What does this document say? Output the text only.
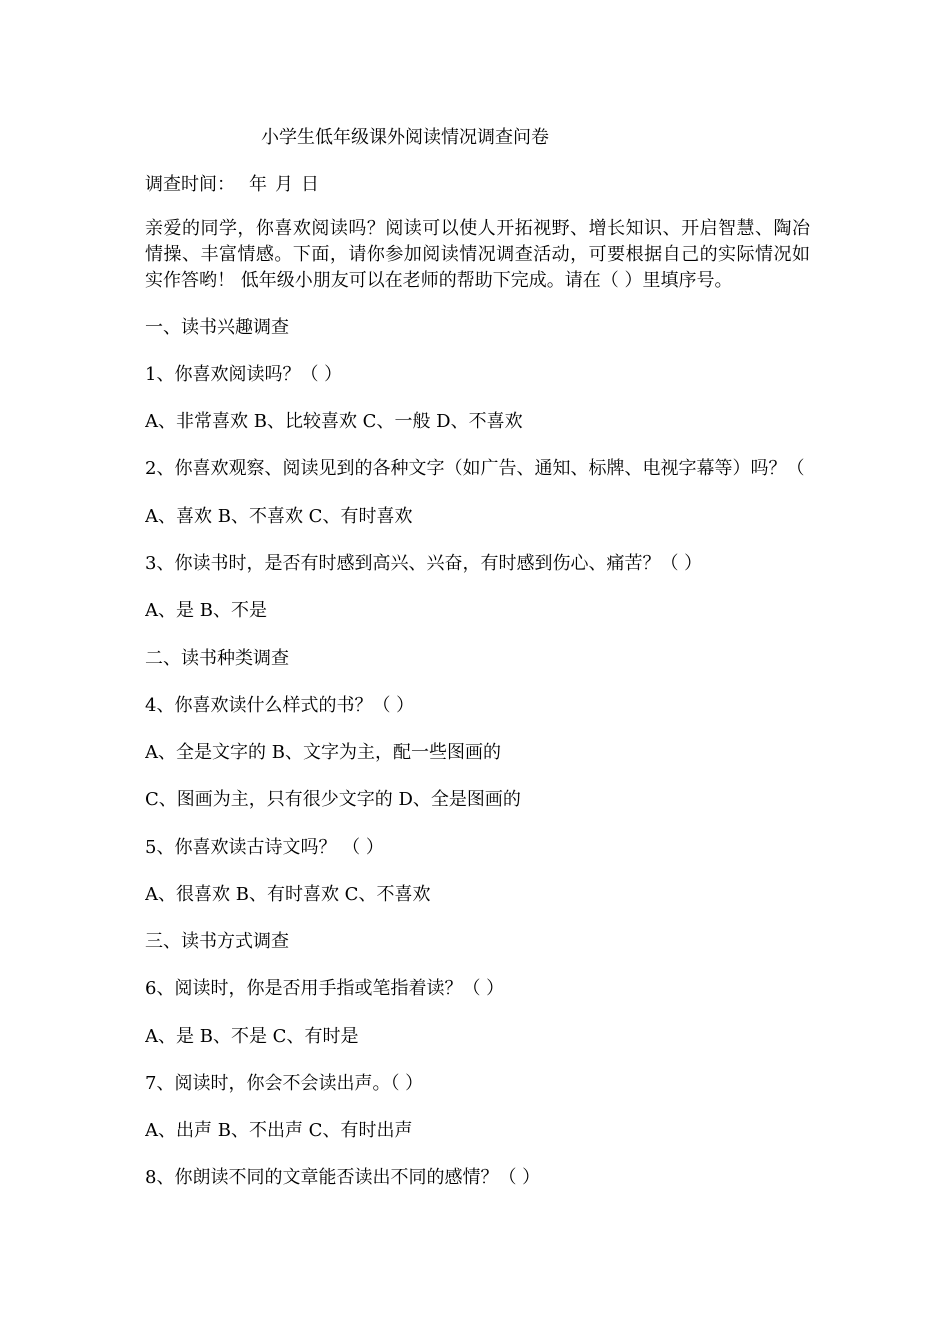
小学生低年级课外阅读情况调查问卷
调查时间： 年 月 日
亲爱的同学，你喜欢阅读吗？阅读可以使人开拓视野、增长知识、开启智慧、陶冶情操、丰富情感。下面，请你参加阅读情况调查活动，可要根据自己的实际情况如实作答哟！ 低年级小朋友可以在老师的帮助下完成。请在（ ）里填序号。
一、读书兴趣调查
1、你喜欢阅读吗？（ ）
A、非常喜欢 B、比较喜欢 C、一般 D、不喜欢
2、你喜欢观察、阅读见到的各种文字（如广告、通知、标牌、电视字幕等）吗？（
A、喜欢 B、不喜欢 C、有时喜欢
3、你读书时，是否有时感到高兴、兴奋，有时感到伤心、痛苦？（ ）
A、是 B、不是
二、读书种类调查
4、你喜欢读什么样式的书？（ ）
A、全是文字的 B、文字为主，配一些图画的
C、图画为主，只有很少文字的 D、全是图画的
5、你喜欢读古诗文吗？ （ ）
A、很喜欢 B、有时喜欢 C、不喜欢
三、读书方式调查
6、阅读时，你是否用手指或笔指着读？（ ）
A、是 B、不是 C、有时是
7、阅读时，你会不会读出声。（ ）
A、出声 B、不出声 C、有时出声
8、你朗读不同的文章能否读出不同的感情？（ ）
